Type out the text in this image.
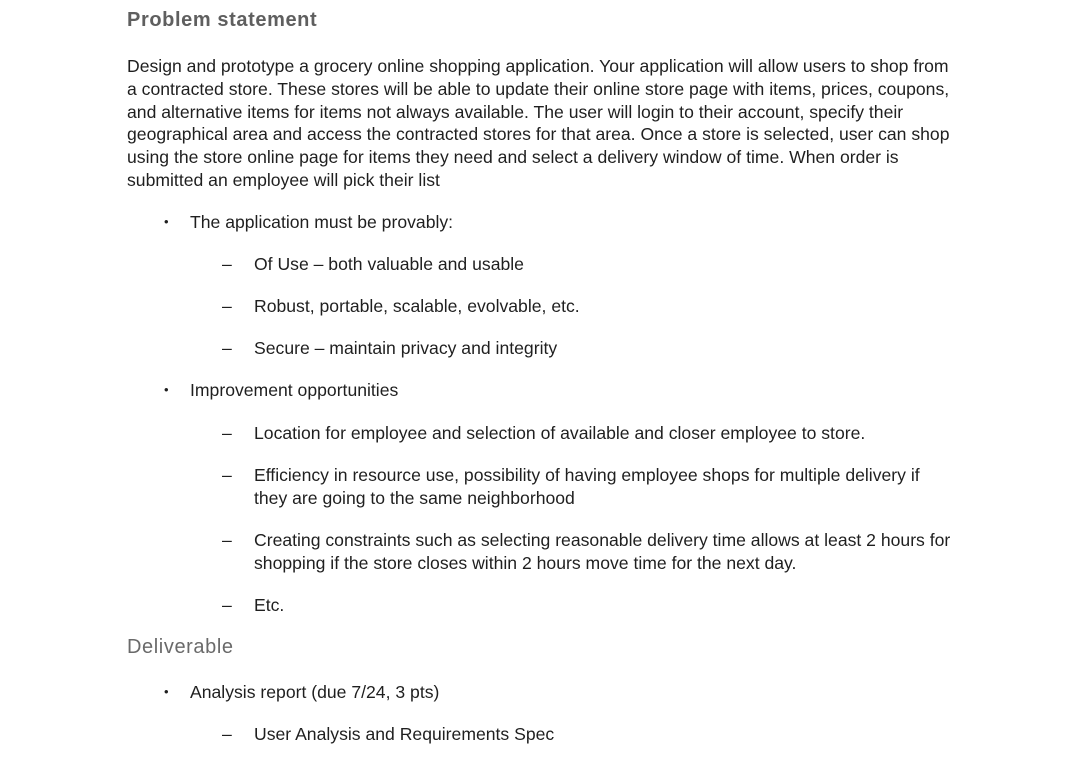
Problem statement

Design and prototype a grocery online shopping application. Your application will allow users to shop from a contracted store. These stores will be able to update their online store page with items, prices, coupons, and alternative items for items not always available. The user will login to their account, specify their geographical area and access the contracted stores for that area. Once a store is selected, user can shop using the store online page for items they need and select a delivery window of time. When order is submitted an employee will pick their list

• The application must be provably:
– Of Use – both valuable and usable
– Robust, portable, scalable, evolvable, etc.
– Secure – maintain privacy and integrity
• Improvement opportunities
– Location for employee and selection of available and closer employee to store.
– Efficiency in resource use, possibility of having employee shops for multiple delivery if they are going to the same neighborhood
– Creating constraints such as selecting reasonable delivery time allows at least 2 hours for shopping if the store closes within 2 hours move time for the next day.
– Etc.
Deliverable
• Analysis report (due 7/24, 3 pts)
– User Analysis and Requirements Spec
